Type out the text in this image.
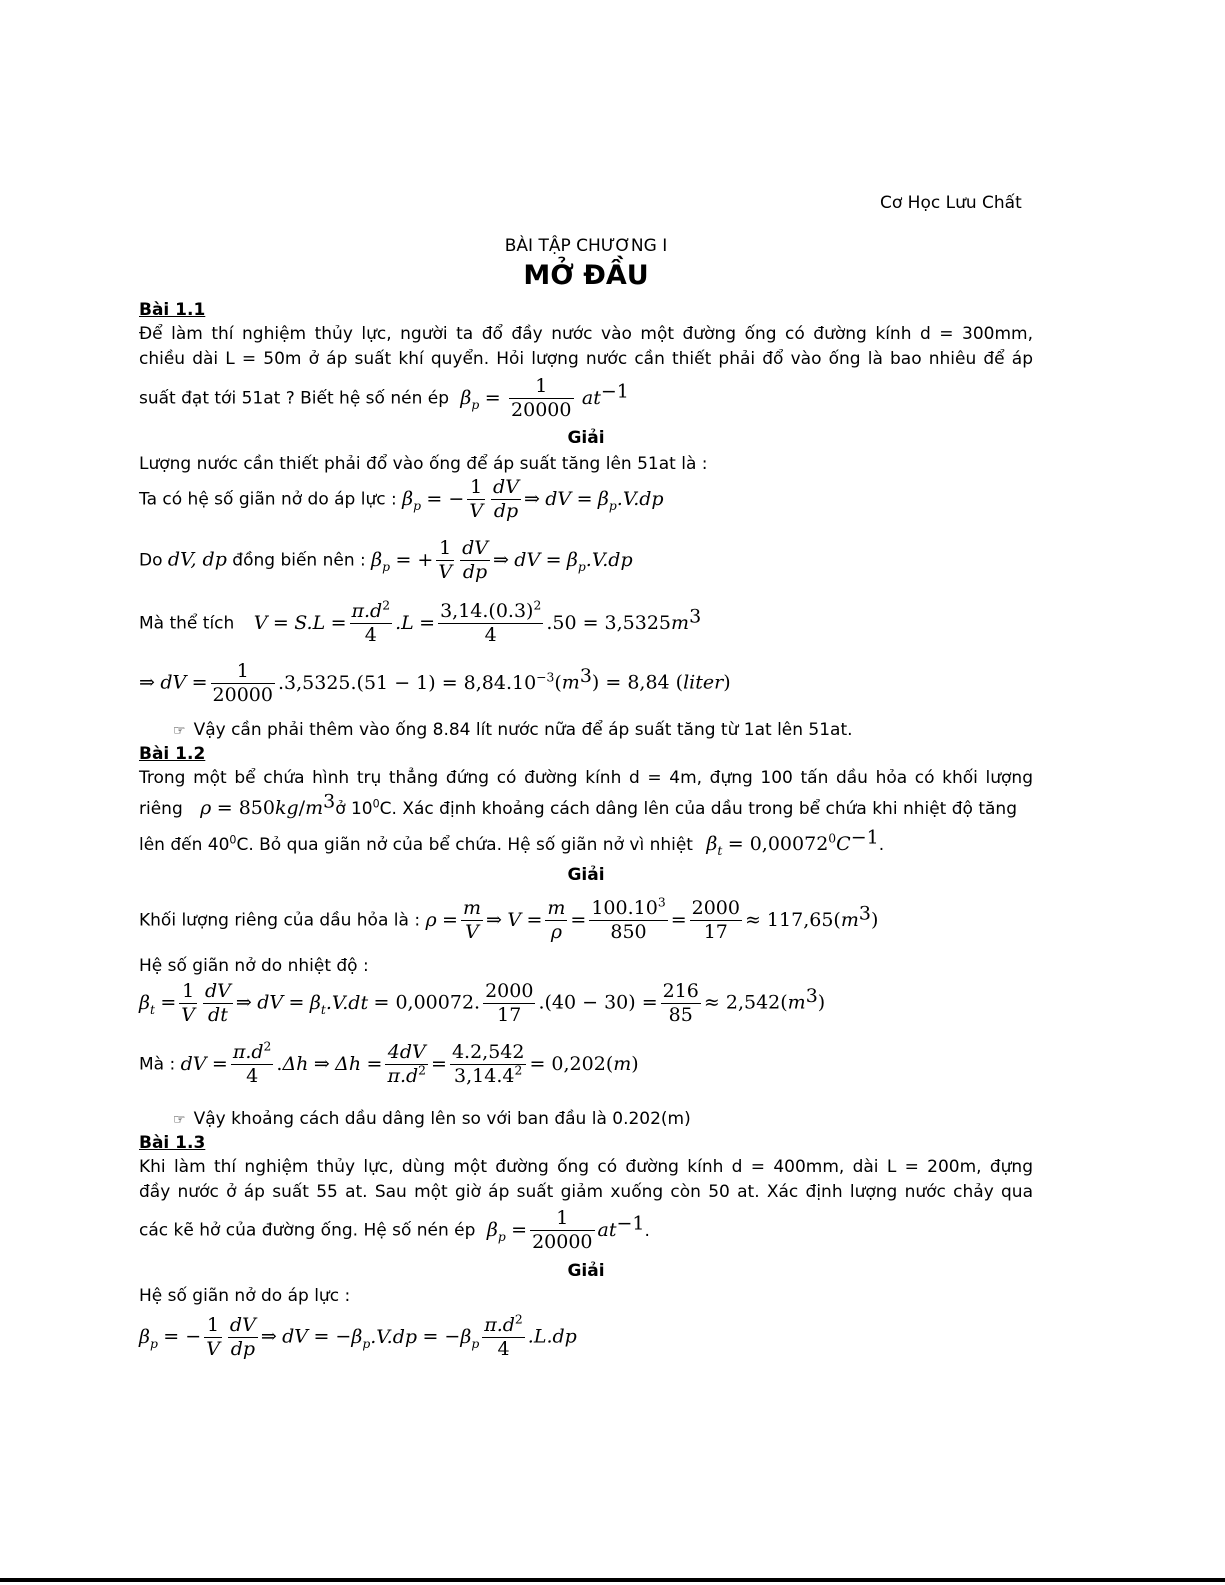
Cơ Học Lưu Chất
BÀI TẬP CHƯƠNG I
MỞ ĐẦU
Bài 1.1
Để làm thí nghiệm thủy lực, người ta đổ đầy nước vào một đường ống có đường kính d = 300mm,
chiều dài L = 50m ở áp suất khí quyển. Hỏi lượng nước cần thiết phải đổ vào ống là bao nhiêu để áp
suất đạt tới 51at ? Biết hệ số nén ép $\beta_p = \frac{1}{20000} at^{-1}$
Giải
Lượng nước cần thiết phải đổ vào ống để áp suất tăng lên 51at là :
Ta có hệ số giãn nở do áp lực : $\beta_p$ = − $\frac{1}{V} \frac{dV}{dp}$ ⇒ dV = $\beta_p.V.dp$
Do dV, dp đồng biến nên : $\beta_p$ = + $\frac{1}{V} \frac{dV}{dp}$ ⇒ dV = $\beta_p.V.dp$
Mà thể tích $V = S.L = \frac{\pi.d^2}{4} .L = \frac{3,14.(0.3)^2}{4} .50 = 3,5325m^3$
⇒ dV = $\frac{1}{20000} .3,5325.(51 - 1) = 8,84.10^{-3}(m^3) = 8,84$ (liter)
☞ Vậy cần phải thêm vào ống 8.84 lít nước nữa để áp suất tăng từ 1at lên 51at.
Bài 1.2
Trong một bể chứa hình trụ thẳng đứng có đường kính d = 4m, đựng 100 tấn dầu hỏa có khối lượng
riêng $\rho = 850kg/m^3ở$ $10^0C$. Xác định khoảng cách dâng lên của dầu trong bể chứa khi nhiệt độ tăng
lên đến $40^0C$. Bỏ qua giãn nở của bể chứa. Hệ số giãn nở vì nhiệt $\beta_t = 0,00072^0C^{-1}$.
Giải
Khối lượng riêng của dầu hỏa là : $\rho = \frac{m}{V}$ ⇒ $V = \frac{m}{\rho} = \frac{100.10^3}{850} = \frac{2000}{17} \approx 117,65(m^3)$
Hệ số giãn nở do nhiệt độ :
$\beta_t = \frac{1}{V} \frac{dV}{dt}$ ⇒ dV = $\beta_t.V.dt = 0,00072$. $\frac{2000}{17} .(40 - 30) = \frac{216}{85} \approx 2,542(m^3)$
Mà : dV = $\frac{\pi.d^2}{4} .\Delta h$ ⇒ $\Delta h = \frac{4dV}{\pi.d^2} = \frac{4.2,542}{3,14.4^2} = 0,202(m)$
☞ Vậy khoảng cách dầu dâng lên so với ban đầu là 0.202(m)
Bài 1.3
Khi làm thí nghiệm thủy lực, dùng một đường ống có đường kính d = 400mm, dài L = 200m, đựng
đầy nước ở áp suất 55 at. Sau một giờ áp suất giảm xuống còn 50 at. Xác định lượng nước chảy qua
các kẽ hở của đường ống. Hệ số nén ép $\beta_p = \frac{1}{20000} at^{-1}$.
Giải
Hệ số giãn nở do áp lực :
$\beta_p$ = − $\frac{1}{V} \frac{dV}{dp}$ ⇒ dV = $-\beta_p.V.dp = -\beta_p \frac{\pi.d^2}{4} .L.dp$
